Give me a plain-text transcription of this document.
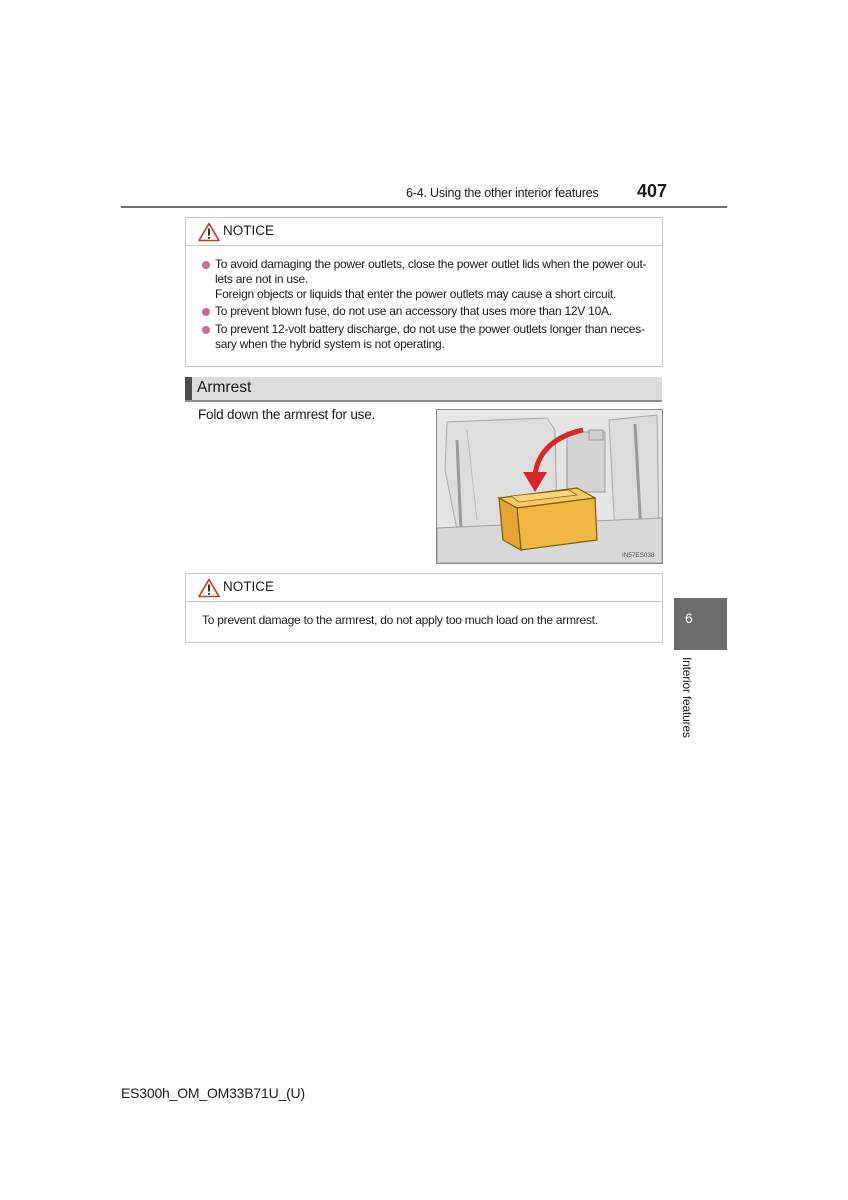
6-4. Using the other interior features 407
NOTICE
To avoid damaging the power outlets, close the power outlet lids when the power out-
lets are not in use.
Foreign objects or liquids that enter the power outlets may cause a short circuit.
To prevent blown fuse, do not use an accessory that uses more than 12V 10A.
To prevent 12-volt battery discharge, do not use the power outlets longer than neces-
sary when the hybrid system is not operating.
Armrest
Fold down the armrest for use.
IN57ES038
NOTICE
To prevent damage to the armrest, do not apply too much load on the armrest.	6
Interior features
ES300h_OM_OM33B71U_(U)
